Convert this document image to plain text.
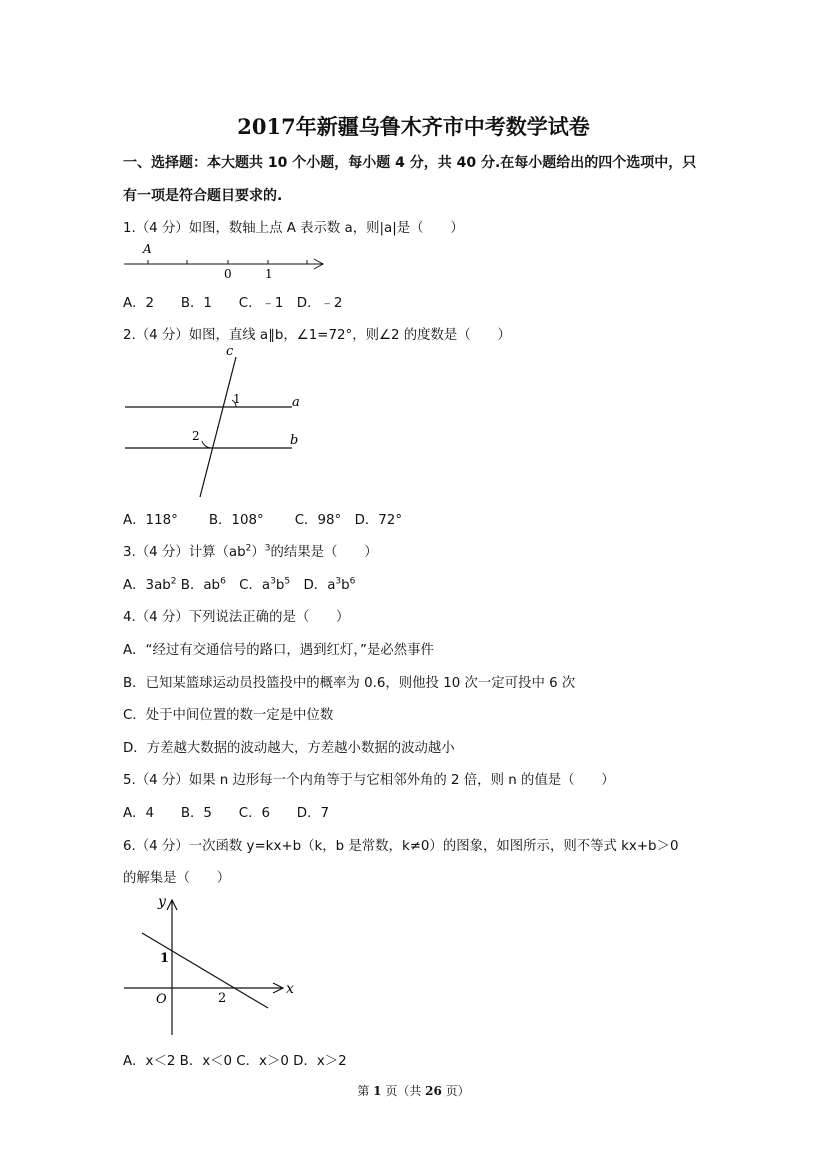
2017年新疆乌鲁木齐市中考数学试卷
一、选择题：本大题共 10 个小题，每小题 4 分，共 40 分.在每小题给出的四个选项中，只
有一项是符合题目要求的.
1.（4 分）如图，数轴上点 A 表示数 a，则|a|是（　　）
A
0	1
A．2　　B．1　　C．﹣1　D．﹣2
2.（4 分）如图，直线 a∥b，∠1=72°，则∠2 的度数是（　　）
c
a
b
1
2
A．118°　　 B．108°　　 C．98°　D．72°
3.（4 分）计算$(ab^2)^3$的结果是（　　）
A．$3ab^2$ B．$ab^6$　C．$a^3b^5$　D．$a^3b^6$
4.（4 分）下列说法正确的是（　　）
A．“经过有交通信号的路口，遇到红灯，”是必然事件
B．已知某篮球运动员投篮投中的概率为 0.6，则他投 10 次一定可投中 6 次
C．处于中间位置的数一定是中位数
D．方差越大数据的波动越大，方差越小数据的波动越小
5.（4 分）如果 n 边形每一个内角等于与它相邻外角的 2 倍，则 n 的值是（　　）
A．4　　B．5　　C．6　　D．7
6.（4 分）一次函数 y=kx+b（k，b 是常数，k≠0）的图象，如图所示，则不等式 kx+b＞0
的解集是（　　）
y
x
O
1
2
A．x＜2 B．x＜0 C．x＞0 D．x＞2
第 1 页（共 26 页）
